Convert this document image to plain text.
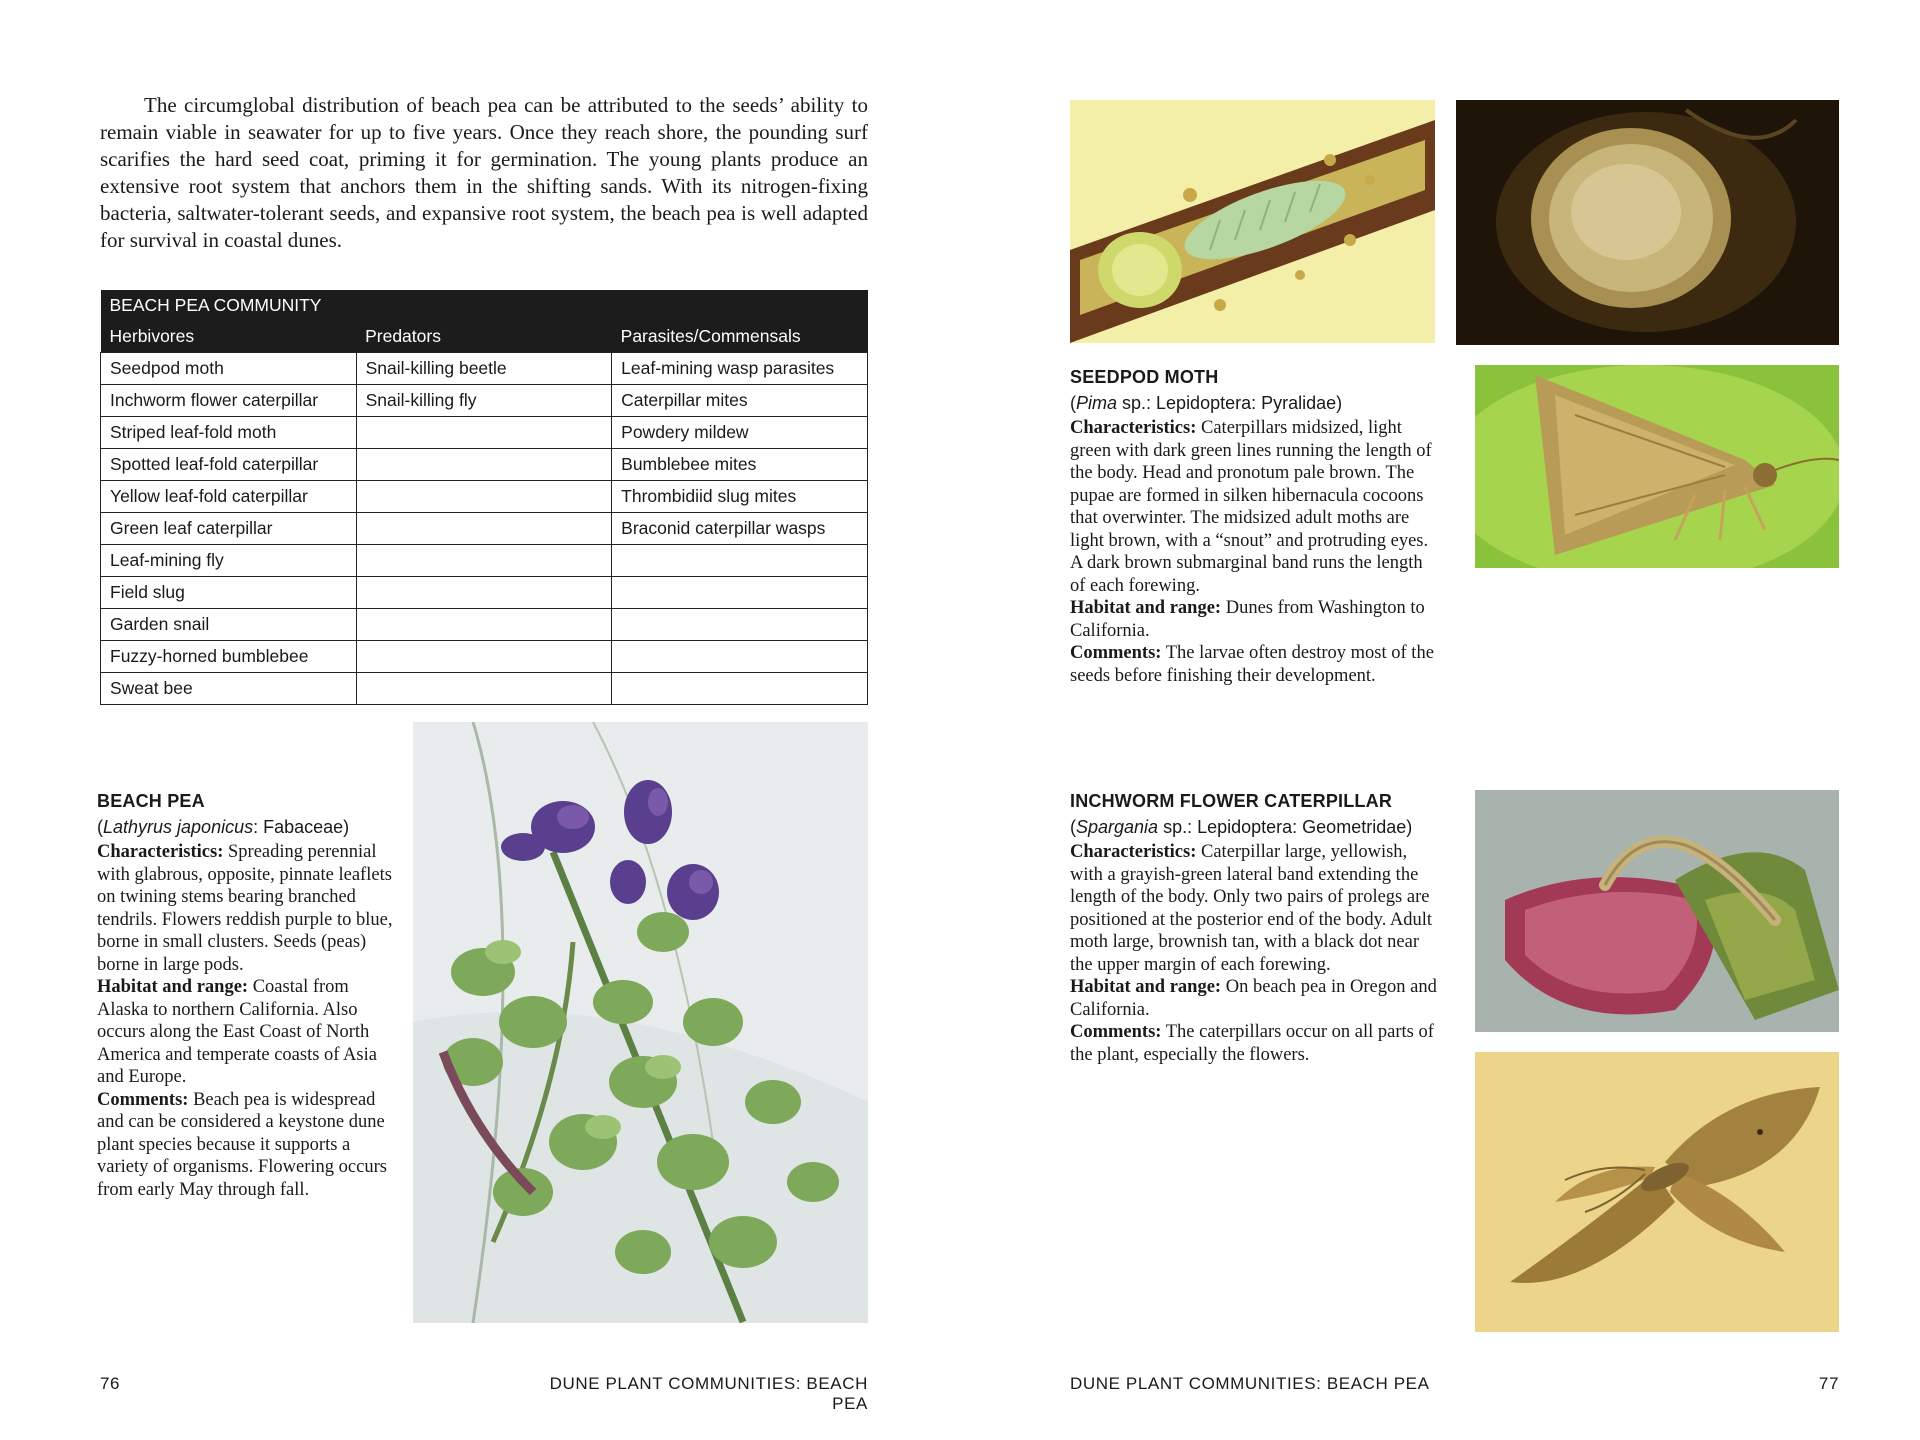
The circumglobal distribution of beach pea can be attributed to the seeds’ ability to remain viable in seawater for up to five years. Once they reach shore, the pounding surf scarifies the hard seed coat, priming it for germination. The young plants produce an extensive root system that anchors them in the shifting sands. With its nitrogen-fixing bacteria, saltwater-tolerant seeds, and expansive root system, the beach pea is well adapted for survival in coastal dunes.

BEACH PEA COMMUNITY		
Herbivores	Predators	Parasites/Commensals
Seedpod moth	Snail-killing beetle	Leaf-mining wasp parasites
Inchworm flower caterpillar	Snail-killing fly	Caterpillar mites
Striped leaf-fold moth		Powdery mildew
Spotted leaf-fold caterpillar		Bumblebee mites
Yellow leaf-fold caterpillar		Thrombidiid slug mites
Green leaf caterpillar		Braconid caterpillar wasps
Leaf-mining fly		
Field slug		
Garden snail		
Fuzzy-horned bumblebee		
Sweat bee		
BEACH PEA
(Lathyrus japonicus: Fabaceae)

Characteristics: Spreading perennial with glabrous, opposite, pinnate leaflets on twining stems bearing branched tendrils. Flowers reddish purple to blue, borne in small clusters. Seeds (peas) borne in large pods.

Habitat and range: Coastal from Alaska to northern California. Also occurs along the East Coast of North America and temperate coasts of Asia and Europe.

Comments: Beach pea is widespread and can be considered a keystone dune plant species because it supports a variety of organisms. Flowering occurs from early May through fall.

76	DUNE PLANT COMMUNITIES: BEACH PEA
SEEDPOD MOTH
(Pima sp.: Lepidoptera: Pyralidae)

Characteristics: Caterpillars midsized, light green with dark green lines running the length of the body. Head and pronotum pale brown. The pupae are formed in silken hibernacula cocoons that overwinter. The midsized adult moths are light brown, with a “snout” and protruding eyes. A dark brown submarginal band runs the length of each forewing.

Habitat and range: Dunes from Washington to California.

Comments: The larvae often destroy most of the seeds before finishing their development.

INCHWORM FLOWER CATERPILLAR
(Spargania sp.: Lepidoptera: Geometridae)

Characteristics: Caterpillar large, yellowish, with a grayish-green lateral band extending the length of the body. Only two pairs of prolegs are positioned at the posterior end of the body. Adult moth large, brownish tan, with a black dot near the upper margin of each forewing.

Habitat and range: On beach pea in Oregon and California.

Comments: The caterpillars occur on all parts of the plant, especially the flowers.

DUNE PLANT COMMUNITIES: BEACH PEA	77
